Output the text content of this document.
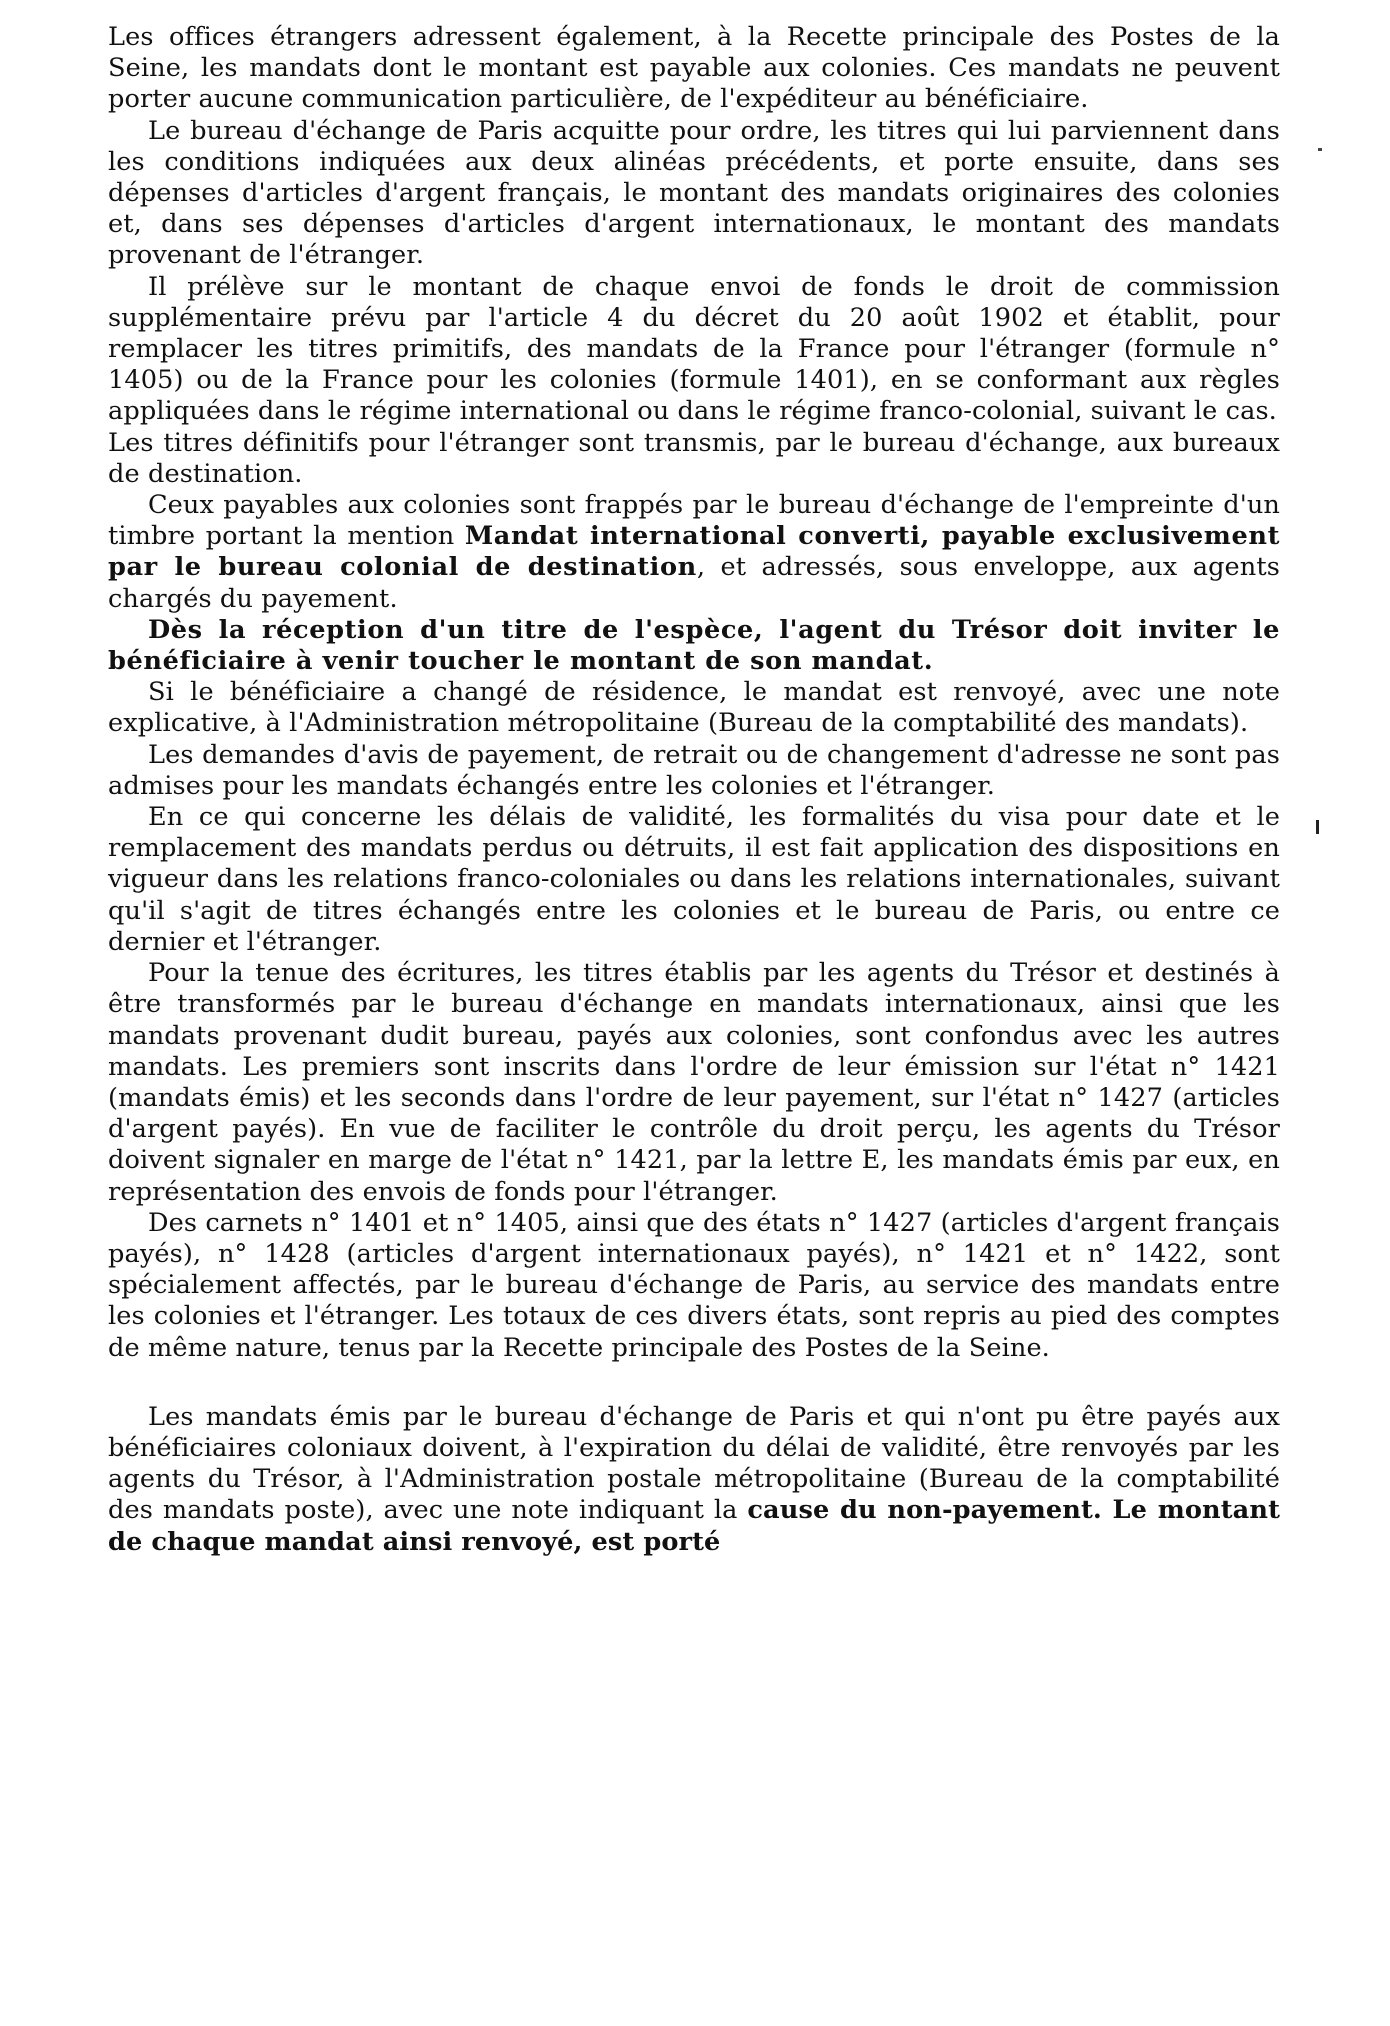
Les offices étrangers adressent également, à la Recette principale des Postes de la Seine, les mandats dont le montant est payable aux colonies. Ces mandats ne peuvent porter aucune communication particulière, de l'expéditeur au bénéficiaire.

Le bureau d'échange de Paris acquitte pour ordre, les titres qui lui parviennent dans les conditions indiquées aux deux alinéas précédents, et porte ensuite, dans ses dépenses d'articles d'argent français, le montant des mandats originaires des colonies et, dans ses dépenses d'articles d'argent internationaux, le montant des mandats provenant de l'étranger.

Il prélève sur le montant de chaque envoi de fonds le droit de commission supplémentaire prévu par l'article 4 du décret du 20 août 1902 et établit, pour remplacer les titres primitifs, des mandats de la France pour l'étranger (formule n° 1405) ou de la France pour les colonies (formule 1401), en se conformant aux règles appliquées dans le régime international ou dans le régime franco-colonial, suivant le cas.

Les titres définitifs pour l'étranger sont transmis, par le bureau d'échange, aux bureaux de destination.

Ceux payables aux colonies sont frappés par le bureau d'échange de l'empreinte d'un timbre portant la mention Mandat international converti, payable exclusivement par le bureau colonial de destination, et adressés, sous enveloppe, aux agents chargés du payement.

Dès la réception d'un titre de l'espèce, l'agent du Trésor doit inviter le bénéficiaire à venir toucher le montant de son mandat.

Si le bénéficiaire a changé de résidence, le mandat est renvoyé, avec une note explicative, à l'Administration métropolitaine (Bureau de la comptabilité des mandats).

Les demandes d'avis de payement, de retrait ou de changement d'adresse ne sont pas admises pour les mandats échangés entre les colonies et l'étranger.

En ce qui concerne les délais de validité, les formalités du visa pour date et le remplacement des mandats perdus ou détruits, il est fait application des dispositions en vigueur dans les relations franco-coloniales ou dans les relations internationales, suivant qu'il s'agit de titres échangés entre les colonies et le bureau de Paris, ou entre ce dernier et l'étranger.

Pour la tenue des écritures, les titres établis par les agents du Trésor et destinés à être transformés par le bureau d'échange en mandats internationaux, ainsi que les mandats provenant dudit bureau, payés aux colonies, sont confondus avec les autres mandats. Les premiers sont inscrits dans l'ordre de leur émission sur l'état n° 1421 (mandats émis) et les seconds dans l'ordre de leur payement, sur l'état n° 1427 (articles d'argent payés). En vue de faciliter le contrôle du droit perçu, les agents du Trésor doivent signaler en marge de l'état n° 1421, par la lettre E, les mandats émis par eux, en représentation des envois de fonds pour l'étranger.

Des carnets n° 1401 et n° 1405, ainsi que des états n° 1427 (articles d'argent français payés), n° 1428 (articles d'argent internationaux payés), n° 1421 et n° 1422, sont spécialement affectés, par le bureau d'échange de Paris, au service des mandats entre les colonies et l'étranger. Les totaux de ces divers états, sont repris au pied des comptes de même nature, tenus par la Recette principale des Postes de la Seine.

Les mandats émis par le bureau d'échange de Paris et qui n'ont pu être payés aux bénéficiaires coloniaux doivent, à l'expiration du délai de validité, être renvoyés par les agents du Trésor, à l'Administration postale métropolitaine (Bureau de la comptabilité des mandats poste), avec une note indiquant la cause du non-payement. Le montant de chaque mandat ainsi renvoyé, est porté
